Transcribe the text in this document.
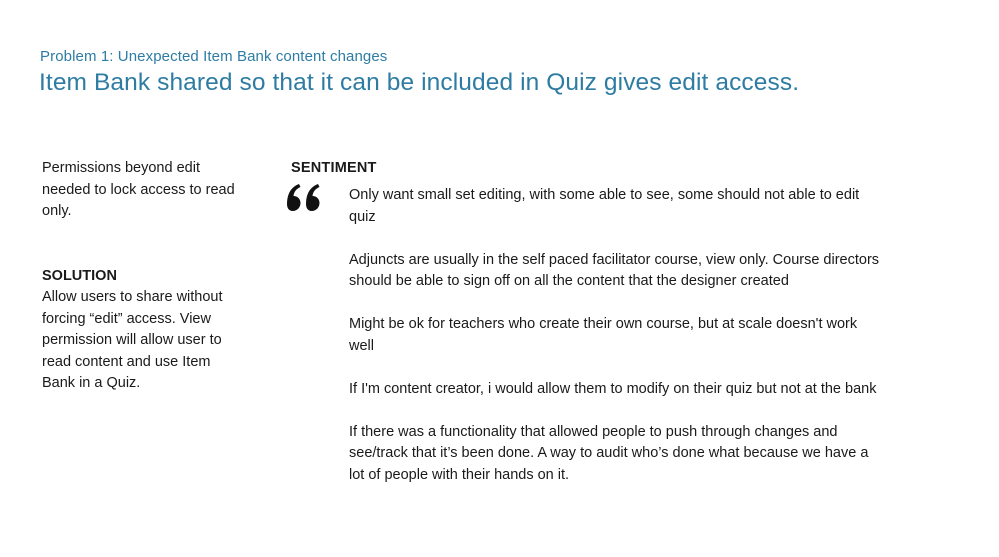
Problem 1: Unexpected Item Bank content changes
Item Bank shared so that it can be included in Quiz gives edit access.

Permissions beyond edit needed to lock access to read only.

SOLUTION

Allow users to share without forcing “edit” access. View permission will allow user to read content and use Item Bank in a Quiz.

SENTIMENT

Only want small set editing, with some able to see, some should not able to edit quiz

Adjuncts are usually in the self paced facilitator course, view only. Course directors should be able to sign off on all the content that the designer created

Might be ok for teachers who create their own course, but at scale doesn't work well

If I'm content creator, i would allow them to modify on their quiz but not at the bank

If there was a functionality that allowed people to push through changes and see/track that it’s been done. A way to audit who’s done what because we have a lot of people with their hands on it.
